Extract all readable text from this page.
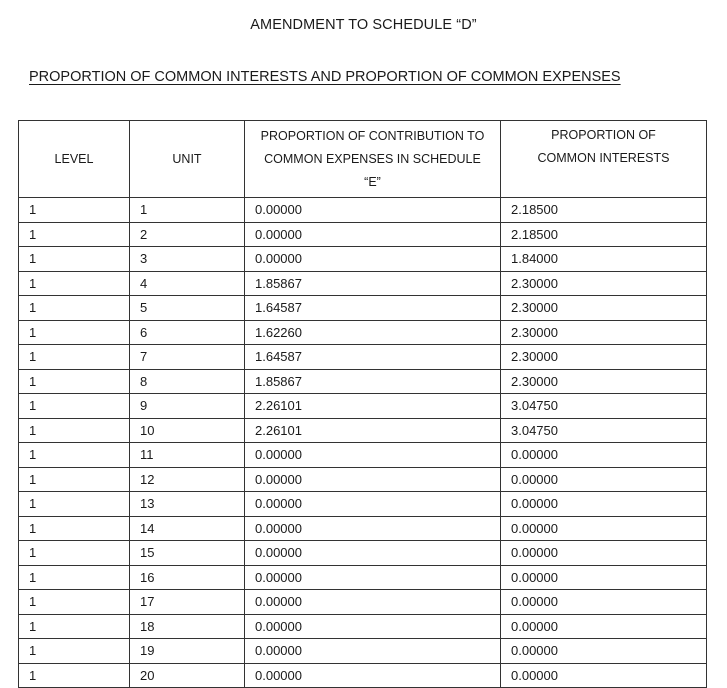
AMENDMENT TO SCHEDULE “D”
PROPORTION OF COMMON INTERESTS AND PROPORTION OF COMMON EXPENSES
LEVEL	UNIT	PROPORTION OF CONTRIBUTION TO COMMON EXPENSES IN SCHEDULE “E”	PROPORTION OF COMMON INTERESTS
1	1	0.00000	2.18500
1	2	0.00000	2.18500
1	3	0.00000	1.84000
1	4	1.85867	2.30000
1	5	1.64587	2.30000
1	6	1.62260	2.30000
1	7	1.64587	2.30000
1	8	1.85867	2.30000
1	9	2.26101	3.04750
1	10	2.26101	3.04750
1	11	0.00000	0.00000
1	12	0.00000	0.00000
1	13	0.00000	0.00000
1	14	0.00000	0.00000
1	15	0.00000	0.00000
1	16	0.00000	0.00000
1	17	0.00000	0.00000
1	18	0.00000	0.00000
1	19	0.00000	0.00000
1	20	0.00000	0.00000
